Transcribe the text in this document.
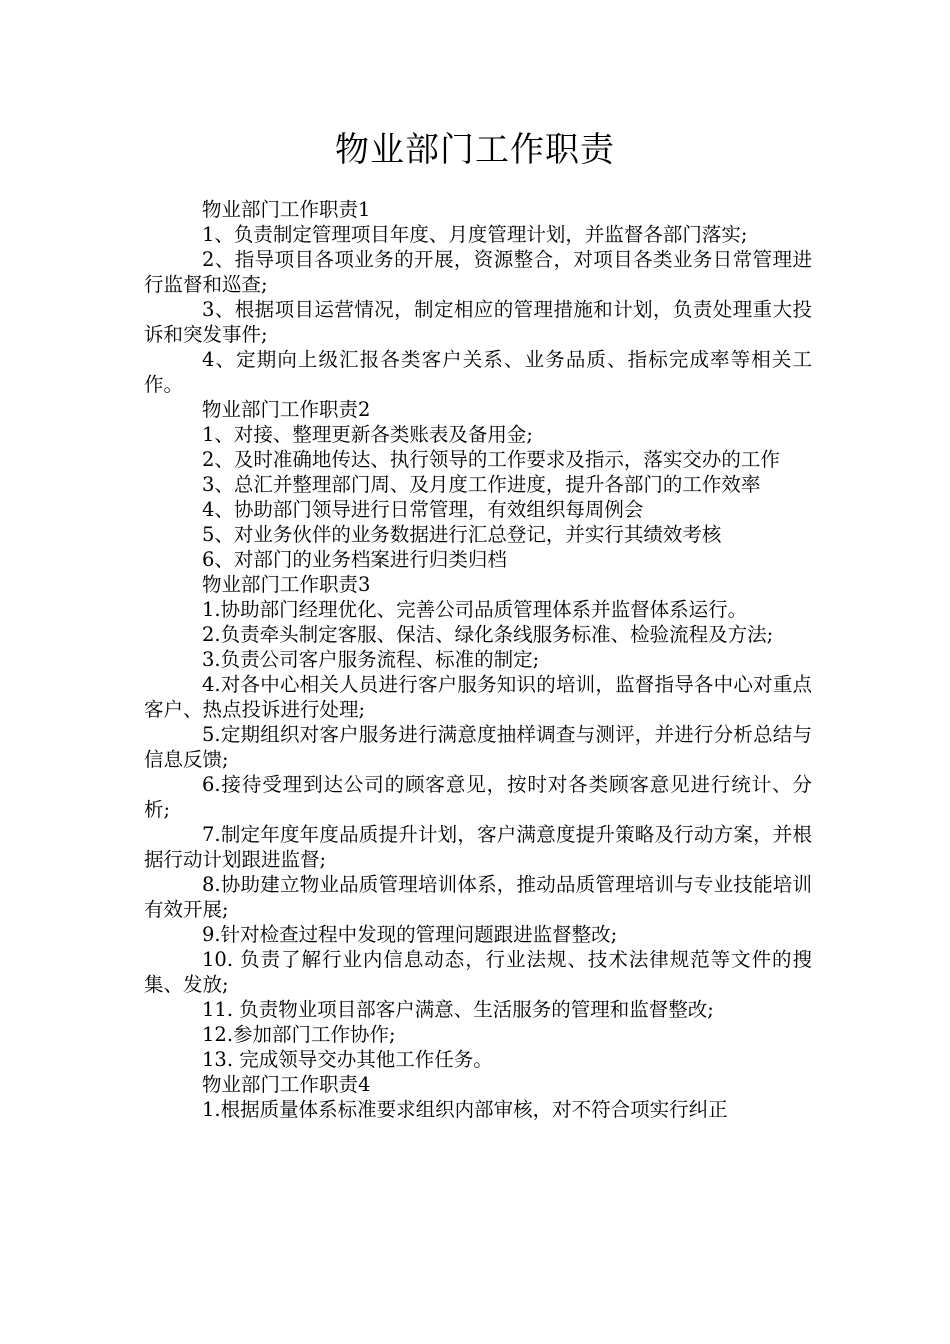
物业部门工作职责

物业部门工作职责1

1、负责制定管理项目年度、月度管理计划，并监督各部门落实;

2、指导项目各项业务的开展，资源整合，对项目各类业务日常管理进行监督和巡查;

3、根据项目运营情况，制定相应的管理措施和计划，负责处理重大投诉和突发事件;

4、定期向上级汇报各类客户关系、业务品质、指标完成率等相关工作。

物业部门工作职责2

1、对接、整理更新各类账表及备用金;

2、及时准确地传达、执行领导的工作要求及指示，落实交办的工作

3、总汇并整理部门周、及月度工作进度，提升各部门的工作效率

4、协助部门领导进行日常管理，有效组织每周例会

5、对业务伙伴的业务数据进行汇总登记，并实行其绩效考核

6、对部门的业务档案进行归类归档

物业部门工作职责3

1.协助部门经理优化、完善公司品质管理体系并监督体系运行。

2.负责牵头制定客服、保洁、绿化条线服务标准、检验流程及方法;

3.负责公司客户服务流程、标准的制定;

4.对各中心相关人员进行客户服务知识的培训，监督指导各中心对重点客户、热点投诉进行处理;

5.定期组织对客户服务进行满意度抽样调查与测评，并进行分析总结与信息反馈;

6.接待受理到达公司的顾客意见，按时对各类顾客意见进行统计、分析;

7.制定年度年度品质提升计划，客户满意度提升策略及行动方案，并根据行动计划跟进监督;

8.协助建立物业品质管理培训体系，推动品质管理培训与专业技能培训有效开展;

9.针对检查过程中发现的管理问题跟进监督整改;

10. 负责了解行业内信息动态，行业法规、技术法律规范等文件的搜集、发放;

11. 负责物业项目部客户满意、生活服务的管理和监督整改;

12.参加部门工作协作;

13. 完成领导交办其他工作任务。

物业部门工作职责4

1.根据质量体系标准要求组织内部审核，对不符合项实行纠正
